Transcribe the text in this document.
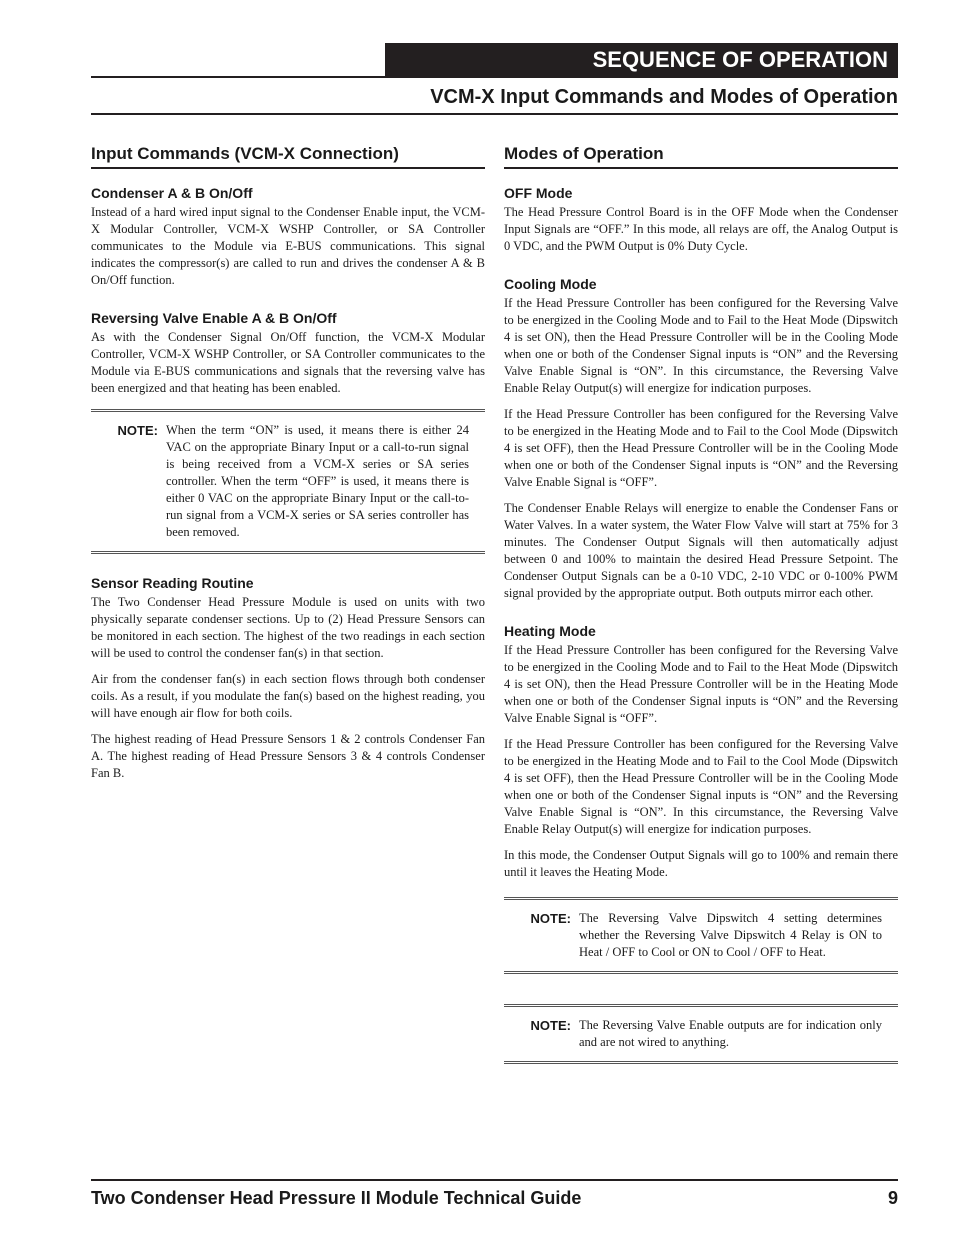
SEQUENCE OF OPERATION
VCM-X Input Commands and Modes of Operation
Input Commands (VCM-X Connection)
Condenser A & B On/Off

Instead of a hard wired input signal to the Condenser Enable input, the VCM-X Modular Controller, VCM-X WSHP Controller, or SA Controller communicates to the Module via E-BUS communications. This signal indicates the compressor(s) are called to run and drives the condenser A & B On/Off function.

Reversing Valve Enable A & B On/Off

As with the Condenser Signal On/Off function, the VCM-X Modular Controller, VCM-X WSHP Controller, or SA Controller communicates to the Module via E-BUS communications and signals that the reversing valve has been energized and that heating has been enabled.

NOTE: When the term “ON” is used, it means there is either 24 VAC on the appropriate Binary Input or a call-to-run signal is being received from a VCM-X series or SA series controller. When the term “OFF” is used, it means there is either 0 VAC on the appropriate Binary Input or the call-to-run signal from a VCM-X series or SA series controller has been removed.
Sensor Reading Routine

The Two Condenser Head Pressure Module is used on units with two physically separate condenser sections. Up to (2) Head Pressure Sensors can be monitored in each section. The highest of the two readings in each section will be used to control the condenser fan(s) in that section.

Air from the condenser fan(s) in each section flows through both condenser coils. As a result, if you modulate the fan(s) based on the highest reading, you will have enough air flow for both coils.

The highest reading of Head Pressure Sensors 1 & 2 controls Condenser Fan A. The highest reading of Head Pressure Sensors 3 & 4 controls Condenser Fan B.

Modes of Operation
OFF Mode

The Head Pressure Control Board is in the OFF Mode when the Condenser Input Signals are “OFF.” In this mode, all relays are off, the Analog Output is 0 VDC, and the PWM Output is 0% Duty Cycle.

Cooling Mode

If the Head Pressure Controller has been configured for the Reversing Valve to be energized in the Cooling Mode and to Fail to the Heat Mode (Dipswitch 4 is set ON), then the Head Pressure Controller will be in the Cooling Mode when one or both of the Condenser Signal inputs is “ON” and the Reversing Valve Enable Signal is “ON”. In this circumstance, the Reversing Valve Enable Relay Output(s) will energize for indication purposes.

If the Head Pressure Controller has been configured for the Reversing Valve to be energized in the Heating Mode and to Fail to the Cool Mode (Dipswitch 4 is set OFF), then the Head Pressure Controller will be in the Cooling Mode when one or both of the Condenser Signal inputs is “ON” and the Reversing Valve Enable Signal is “OFF”.

The Condenser Enable Relays will energize to enable the Condenser Fans or Water Valves. In a water system, the Water Flow Valve will start at 75% for 3 minutes. The Condenser Output Signals will then automatically adjust between 0 and 100% to maintain the desired Head Pressure Setpoint. The Condenser Output Signals can be a 0-10 VDC, 2-10 VDC or 0-100% PWM signal provided by the appropriate output. Both outputs mirror each other.

Heating Mode

If the Head Pressure Controller has been configured for the Reversing Valve to be energized in the Cooling Mode and to Fail to the Heat Mode (Dipswitch 4 is set ON), then the Head Pressure Controller will be in the Heating Mode when one or both of the Condenser Signal inputs is “ON” and the Reversing Valve Enable Signal is “OFF”.

If the Head Pressure Controller has been configured for the Reversing Valve to be energized in the Heating Mode and to Fail to the Cool Mode (Dipswitch 4 is set OFF), then the Head Pressure Controller will be in the Cooling Mode when one or both of the Condenser Signal inputs is “ON” and the Reversing Valve Enable Signal is “ON”. In this circumstance, the Reversing Valve Enable Relay Output(s) will energize for indication purposes.

In this mode, the Condenser Output Signals will go to 100% and remain there until it leaves the Heating Mode.

NOTE: The Reversing Valve Dipswitch 4 setting determines whether the Reversing Valve Dipswitch 4 Relay is ON to Heat / OFF to Cool or ON to Cool / OFF to Heat.
NOTE: The Reversing Valve Enable outputs are for indication only and are not wired to anything.
Two Condenser Head Pressure II Module Technical Guide	9
